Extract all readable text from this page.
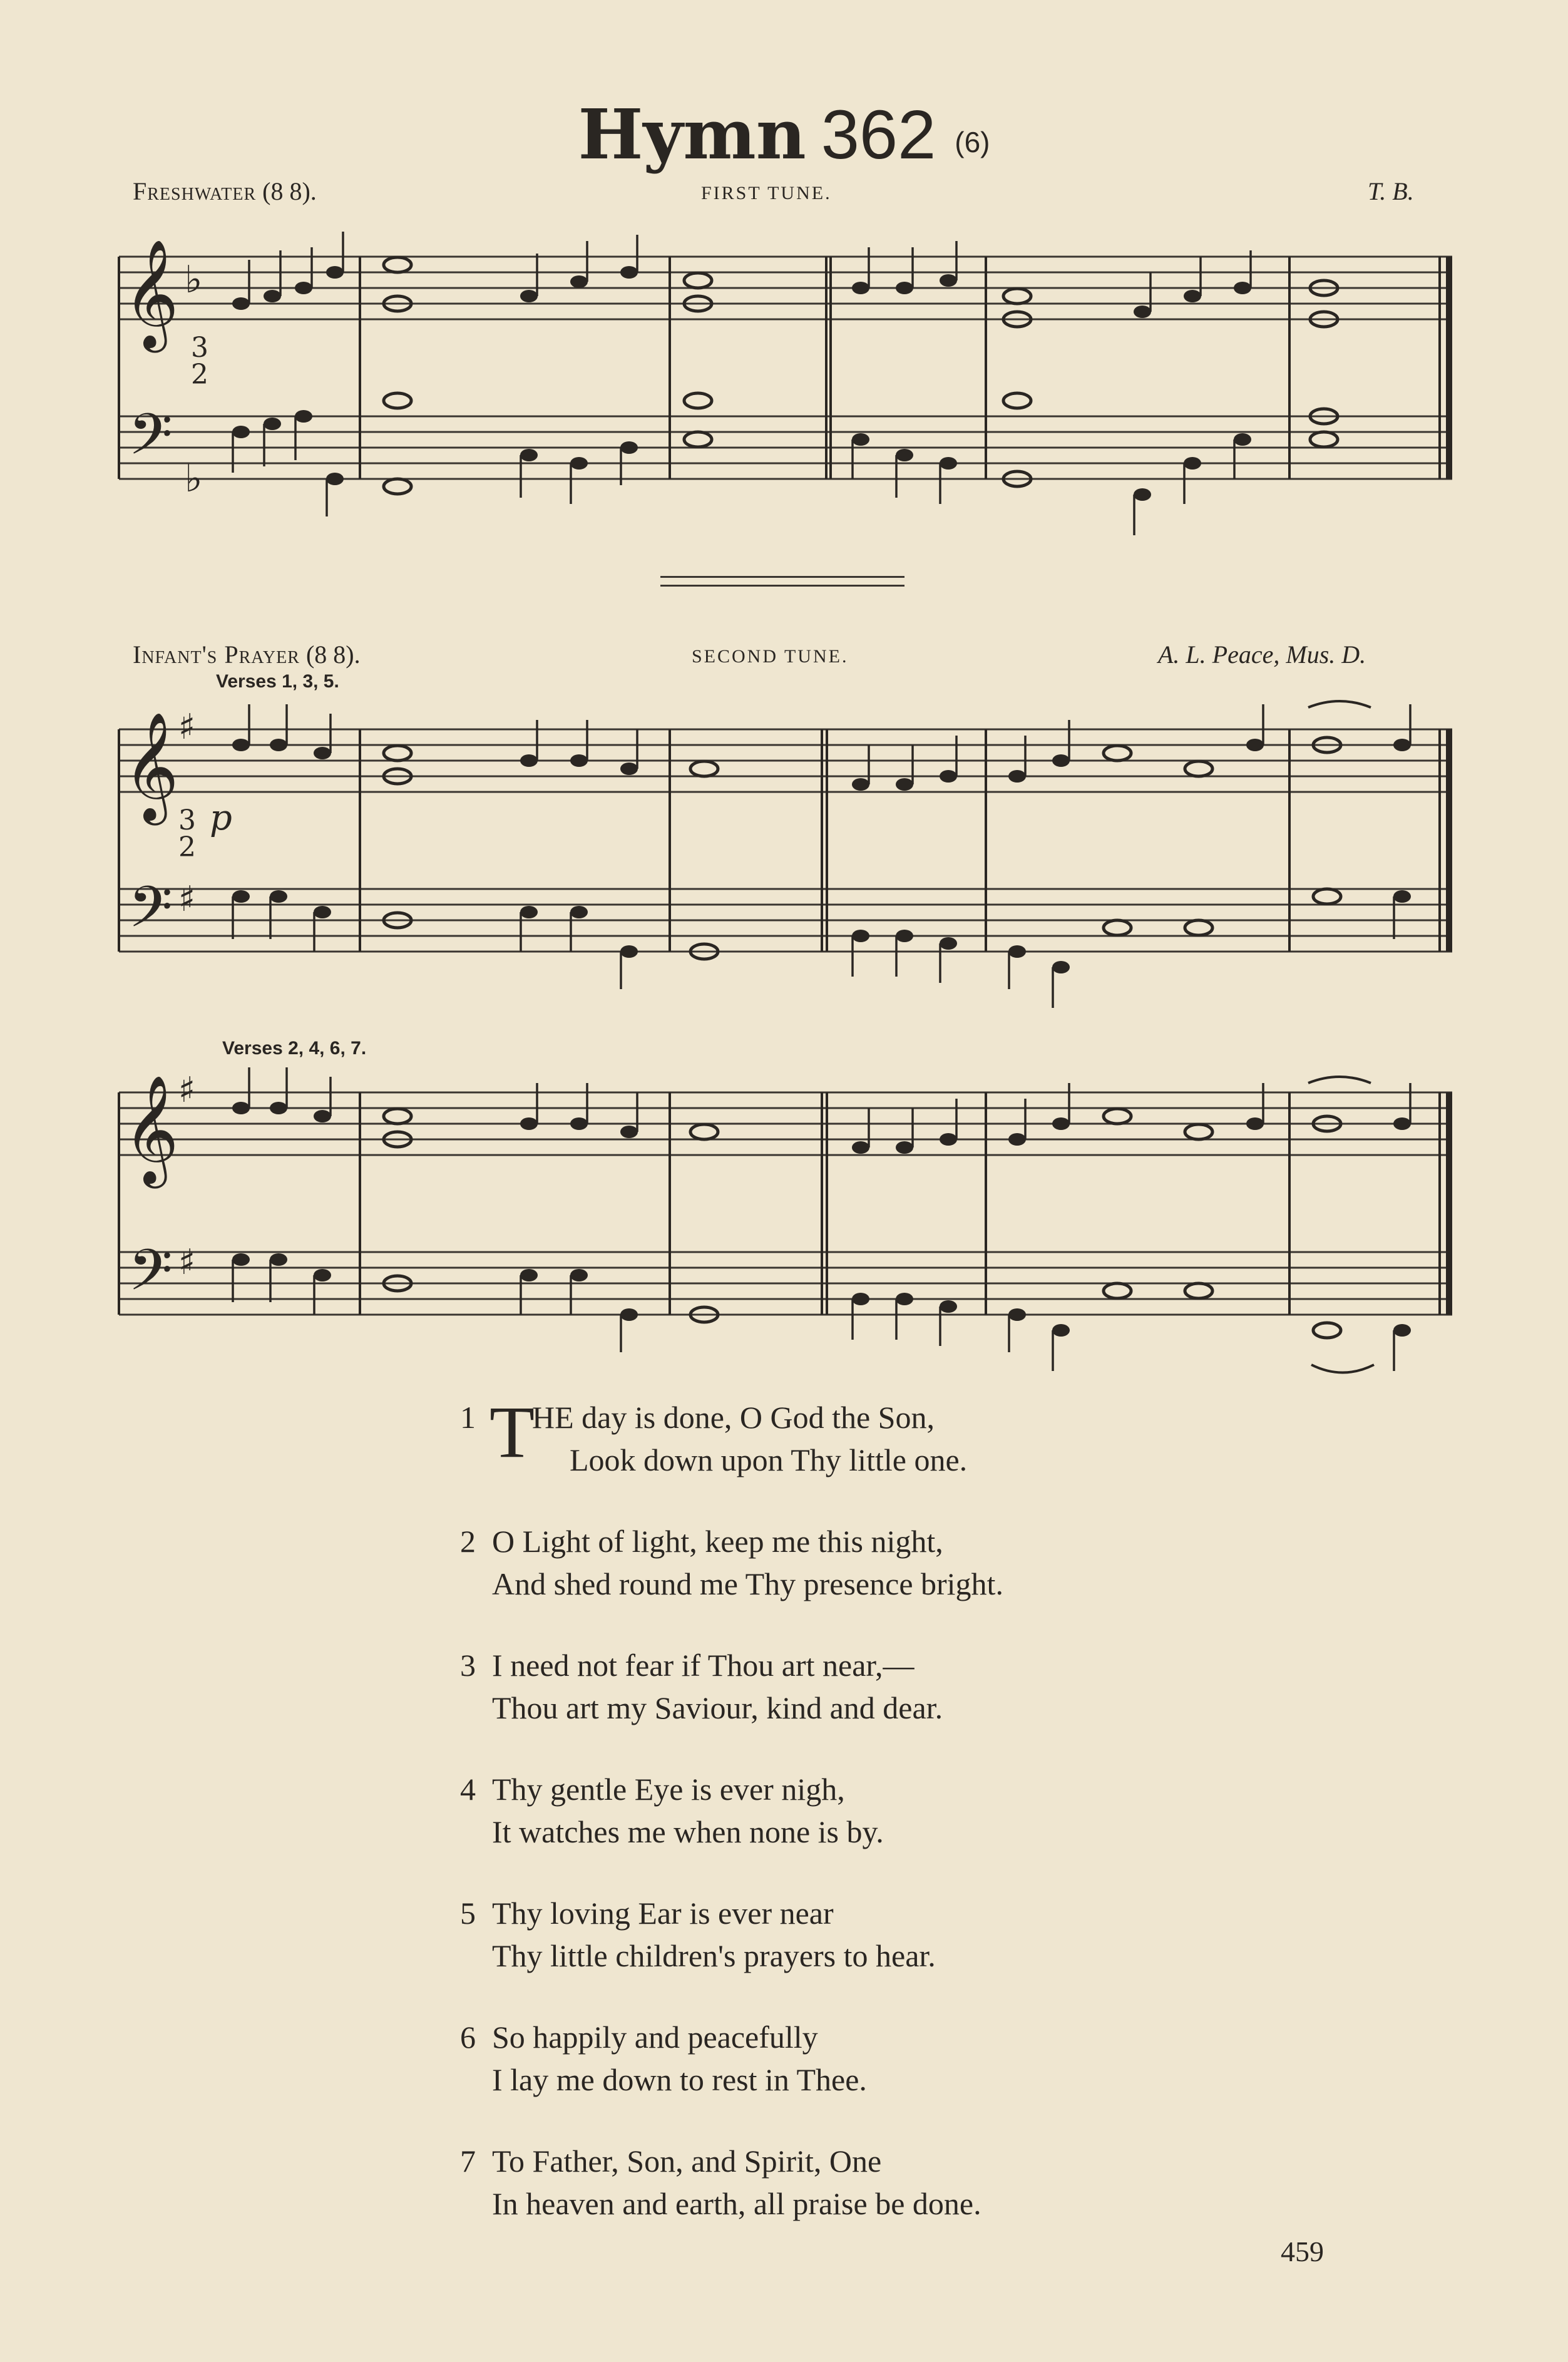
Hymn 362 (6)
Freshwater (8 8).	FIRST TUNE.	T. B.
𝄞
𝄢
♭
♭
3
2
Infant's Prayer (8 8).	SECOND TUNE.	A. L. Peace, Mus. D.
Verses 1, 3, 5.
𝄞
𝄢
♯
♯
3
2
p
Verses 2, 4, 6, 7.
𝄞
𝄢
♯
♯
1 T
HE day is done, O God the Son,
Look down upon Thy little one.
2 O Light of light, keep me this night,
And shed round me Thy presence bright.
3 I need not fear if Thou art near,—
Thou art my Saviour, kind and dear.
4 Thy gentle Eye is ever nigh,
It watches me when none is by.
5 Thy loving Ear is ever near
Thy little children's prayers to hear.
6 So happily and peacefully
I lay me down to rest in Thee.
7 To Father, Son, and Spirit, One
In heaven and earth, all praise be done.
459
